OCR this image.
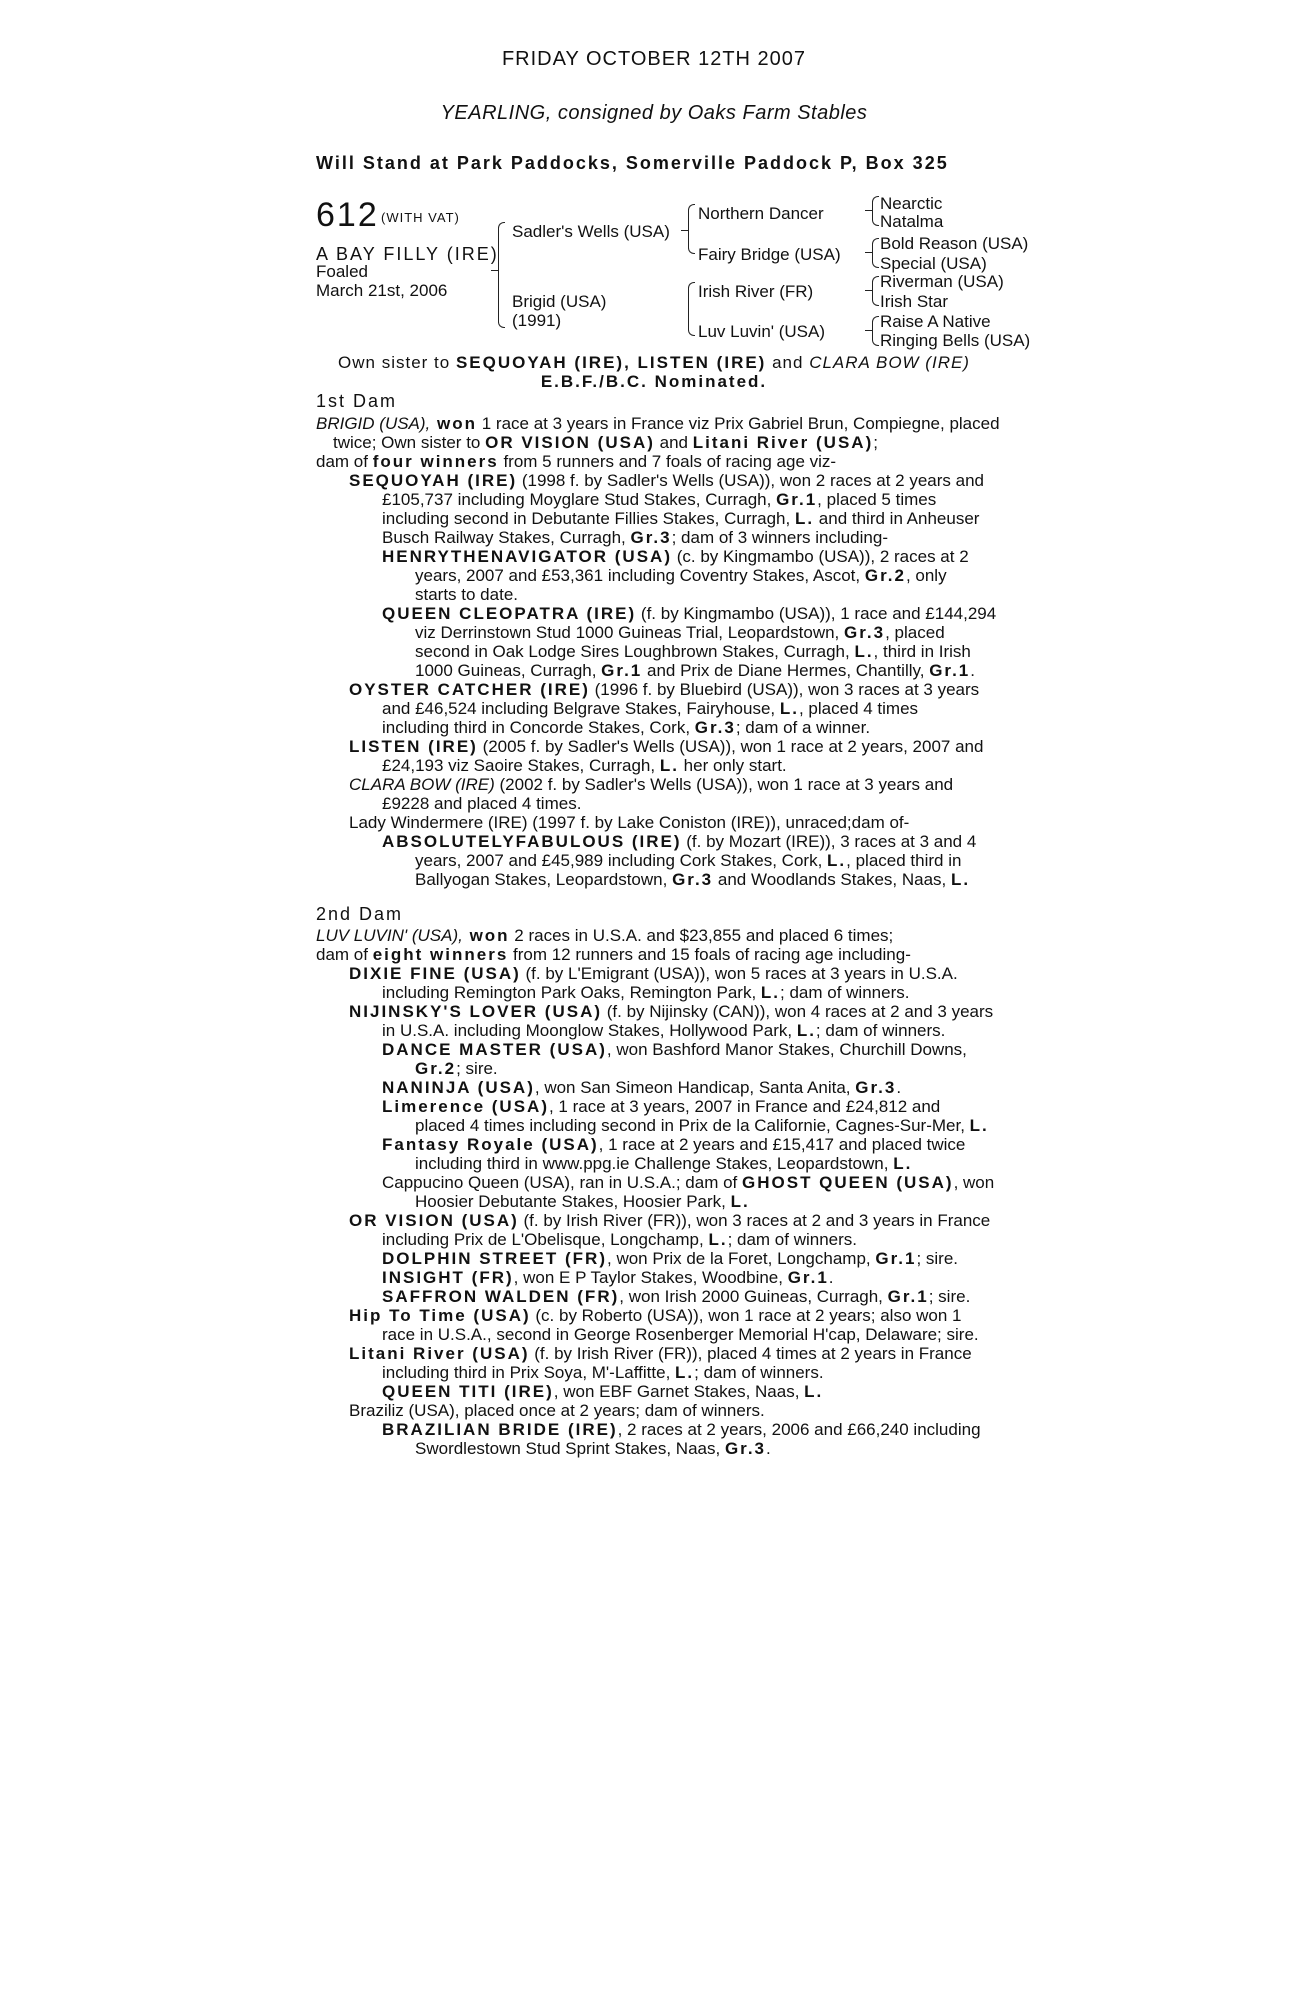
FRIDAY OCTOBER 12TH 2007
YEARLING, consigned by Oaks Farm Stables
Will Stand at Park Paddocks, Somerville Paddock P, Box 325
612 (WITH VAT)
A BAY FILLY (IRE)
Foaled
March 21st, 2006
Sadler's Wells (USA)
Brigid (USA)
(1991)
Northern Dancer
Fairy Bridge (USA)
Irish River (FR)
Luv Luvin' (USA)
Nearctic
Natalma
Bold Reason (USA)
Special (USA)
Riverman (USA)
Irish Star
Raise A Native
Ringing Bells (USA)
Own sister to SEQUOYAH (IRE), LISTEN (IRE) and CLARA BOW (IRE)
E.B.F./B.C. Nominated.
1st Dam
BRIGID (USA), won 1 race at 3 years in France viz Prix Gabriel Brun, Compiegne, placed
twice; Own sister to OR VISION (USA) and Litani River (USA);
dam of four winners from 5 runners and 7 foals of racing age viz-
SEQUOYAH (IRE) (1998 f. by Sadler's Wells (USA)), won 2 races at 2 years and
£105,737 including Moyglare Stud Stakes, Curragh, Gr.1, placed 5 times
including second in Debutante Fillies Stakes, Curragh, L. and third in Anheuser
Busch Railway Stakes, Curragh, Gr.3; dam of 3 winners including-
HENRYTHENAVIGATOR (USA) (c. by Kingmambo (USA)), 2 races at 2
years, 2007 and £53,361 including Coventry Stakes, Ascot, Gr.2, only
starts to date.
QUEEN CLEOPATRA (IRE) (f. by Kingmambo (USA)), 1 race and £144,294
viz Derrinstown Stud 1000 Guineas Trial, Leopardstown, Gr.3, placed
second in Oak Lodge Sires Loughbrown Stakes, Curragh, L., third in Irish
1000 Guineas, Curragh, Gr.1 and Prix de Diane Hermes, Chantilly, Gr.1.
OYSTER CATCHER (IRE) (1996 f. by Bluebird (USA)), won 3 races at 3 years
and £46,524 including Belgrave Stakes, Fairyhouse, L., placed 4 times
including third in Concorde Stakes, Cork, Gr.3; dam of a winner.
LISTEN (IRE) (2005 f. by Sadler's Wells (USA)), won 1 race at 2 years, 2007 and
£24,193 viz Saoire Stakes, Curragh, L. her only start.
CLARA BOW (IRE) (2002 f. by Sadler's Wells (USA)), won 1 race at 3 years and
£9228 and placed 4 times.
Lady Windermere (IRE) (1997 f. by Lake Coniston (IRE)), unraced;dam of-
ABSOLUTELYFABULOUS (IRE) (f. by Mozart (IRE)), 3 races at 3 and 4
years, 2007 and £45,989 including Cork Stakes, Cork, L., placed third in
Ballyogan Stakes, Leopardstown, Gr.3 and Woodlands Stakes, Naas, L.
2nd Dam
LUV LUVIN' (USA), won 2 races in U.S.A. and $23,855 and placed 6 times;
dam of eight winners from 12 runners and 15 foals of racing age including-
DIXIE FINE (USA) (f. by L'Emigrant (USA)), won 5 races at 3 years in U.S.A.
including Remington Park Oaks, Remington Park, L.; dam of winners.
NIJINSKY'S LOVER (USA) (f. by Nijinsky (CAN)), won 4 races at 2 and 3 years
in U.S.A. including Moonglow Stakes, Hollywood Park, L.; dam of winners.
DANCE MASTER (USA), won Bashford Manor Stakes, Churchill Downs,
Gr.2; sire.
NANINJA (USA), won San Simeon Handicap, Santa Anita, Gr.3.
Limerence (USA), 1 race at 3 years, 2007 in France and £24,812 and
placed 4 times including second in Prix de la Californie, Cagnes-Sur-Mer, L.
Fantasy Royale (USA), 1 race at 2 years and £15,417 and placed twice
including third in www.ppg.ie Challenge Stakes, Leopardstown, L.
Cappucino Queen (USA), ran in U.S.A.; dam of GHOST QUEEN (USA), won
Hoosier Debutante Stakes, Hoosier Park, L.
OR VISION (USA) (f. by Irish River (FR)), won 3 races at 2 and 3 years in France
including Prix de L'Obelisque, Longchamp, L.; dam of winners.
DOLPHIN STREET (FR), won Prix de la Foret, Longchamp, Gr.1; sire.
INSIGHT (FR), won E P Taylor Stakes, Woodbine, Gr.1.
SAFFRON WALDEN (FR), won Irish 2000 Guineas, Curragh, Gr.1; sire.
Hip To Time (USA) (c. by Roberto (USA)), won 1 race at 2 years; also won 1
race in U.S.A., second in George Rosenberger Memorial H'cap, Delaware; sire.
Litani River (USA) (f. by Irish River (FR)), placed 4 times at 2 years in France
including third in Prix Soya, M'-Laffitte, L.; dam of winners.
QUEEN TITI (IRE), won EBF Garnet Stakes, Naas, L.
Braziliz (USA), placed once at 2 years; dam of winners.
BRAZILIAN BRIDE (IRE), 2 races at 2 years, 2006 and £66,240 including
Swordlestown Stud Sprint Stakes, Naas, Gr.3.
